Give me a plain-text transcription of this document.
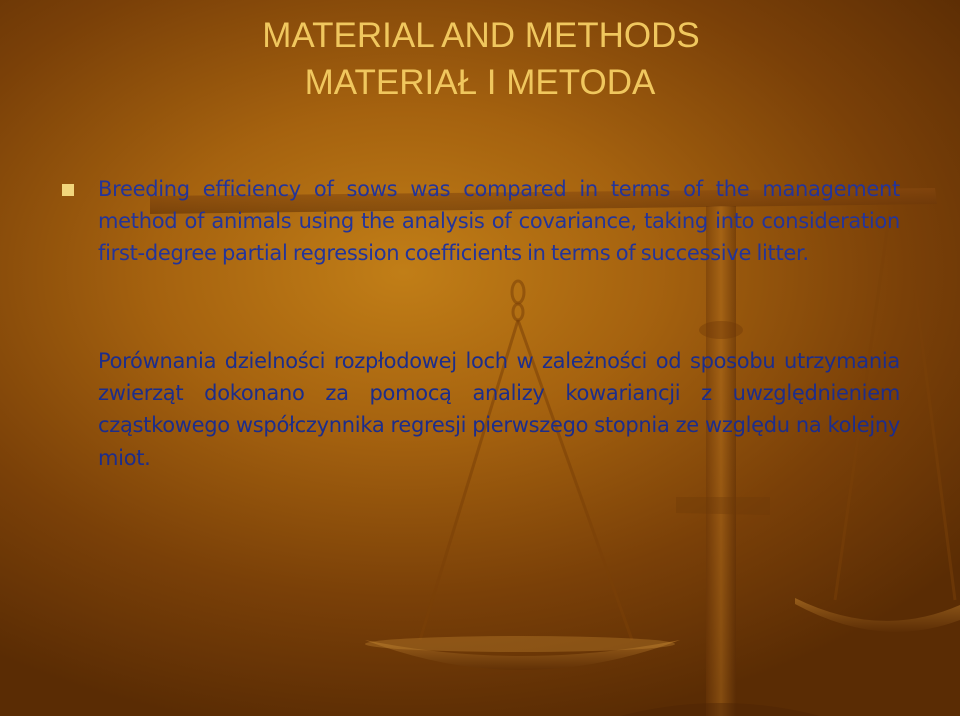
MATERIAL AND METHODS
MATERIAŁ I METODA
Breeding efficiency of sows was compared in terms of the management method of animals using the analysis of covariance, taking into consideration first-degree partial regression coefficients in terms of successive litter.
Porównania dzielności rozpłodowej loch w zależności od sposobu utrzymania zwierząt dokonano za pomocą analizy kowariancji z uwzględnieniem cząstkowego współczynnika regresji pierwszego stopnia ze względu na kolejny miot.
